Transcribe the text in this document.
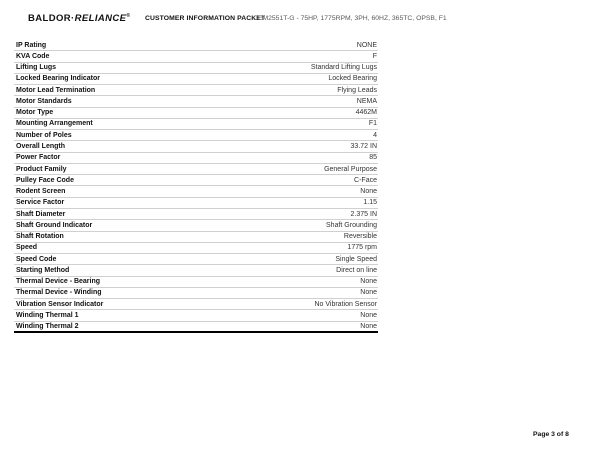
BALDOR·RELIANCE® CUSTOMER INFORMATION PACKET
CEM2551T-G - 75HP, 1775RPM, 3PH, 60HZ, 365TC, OPSB, F1
IP Rating	NONE
KVA Code	F
Lifting Lugs	Standard Lifting Lugs
Locked Bearing Indicator	Locked Bearing
Motor Lead Termination	Flying Leads
Motor Standards	NEMA
Motor Type	4462M
Mounting Arrangement	F1
Number of Poles	4
Overall Length	33.72 IN
Power Factor	85
Product Family	General Purpose
Pulley Face Code	C-Face
Rodent Screen	None
Service Factor	1.15
Shaft Diameter	2.375 IN
Shaft Ground Indicator	Shaft Grounding
Shaft Rotation	Reversible
Speed	1775 rpm
Speed Code	Single Speed
Starting Method	Direct on line
Thermal Device - Bearing	None
Thermal Device - Winding	None
Vibration Sensor Indicator	No Vibration Sensor
Winding Thermal 1	None
Winding Thermal 2	None
Page 3 of 8
